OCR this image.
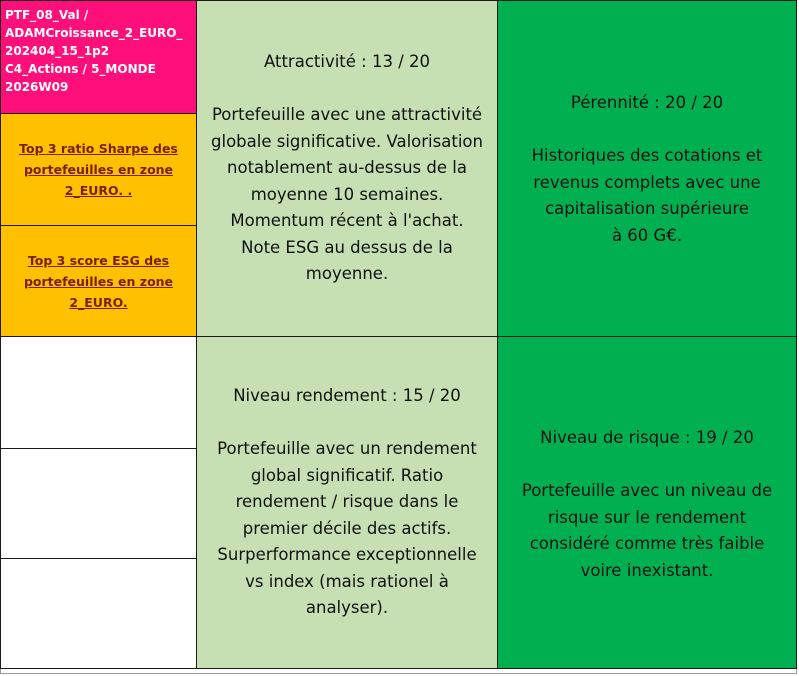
PTF_08_Val /
ADAMCroissance_2_EURO_
202404_15_1p2
C4_Actions / 5_MONDE
2026W09
Top 3 ratio Sharpe des
portefeuilles en zone
2_EURO. .
Top 3 score ESG des
portefeuilles en zone
2_EURO.
Attractivité : 13 / 20
Portefeuille avec une attractivité
globale significative. Valorisation
notablement au-dessus de la
moyenne 10 semaines.
Momentum récent à l'achat.
Note ESG au dessus de la
moyenne.
Pérennité : 20 / 20
Historiques des cotations et
revenus complets avec une
capitalisation supérieure
à 60 G€.
Niveau rendement : 15 / 20
Portefeuille avec un rendement
global significatif. Ratio
rendement / risque dans le
premier décile des actifs.
Surperformance exceptionnelle
vs index (mais rationel à
analyser).
Niveau de risque : 19 / 20
Portefeuille avec un niveau de
risque sur le rendement
considéré comme très faible
voire inexistant.
